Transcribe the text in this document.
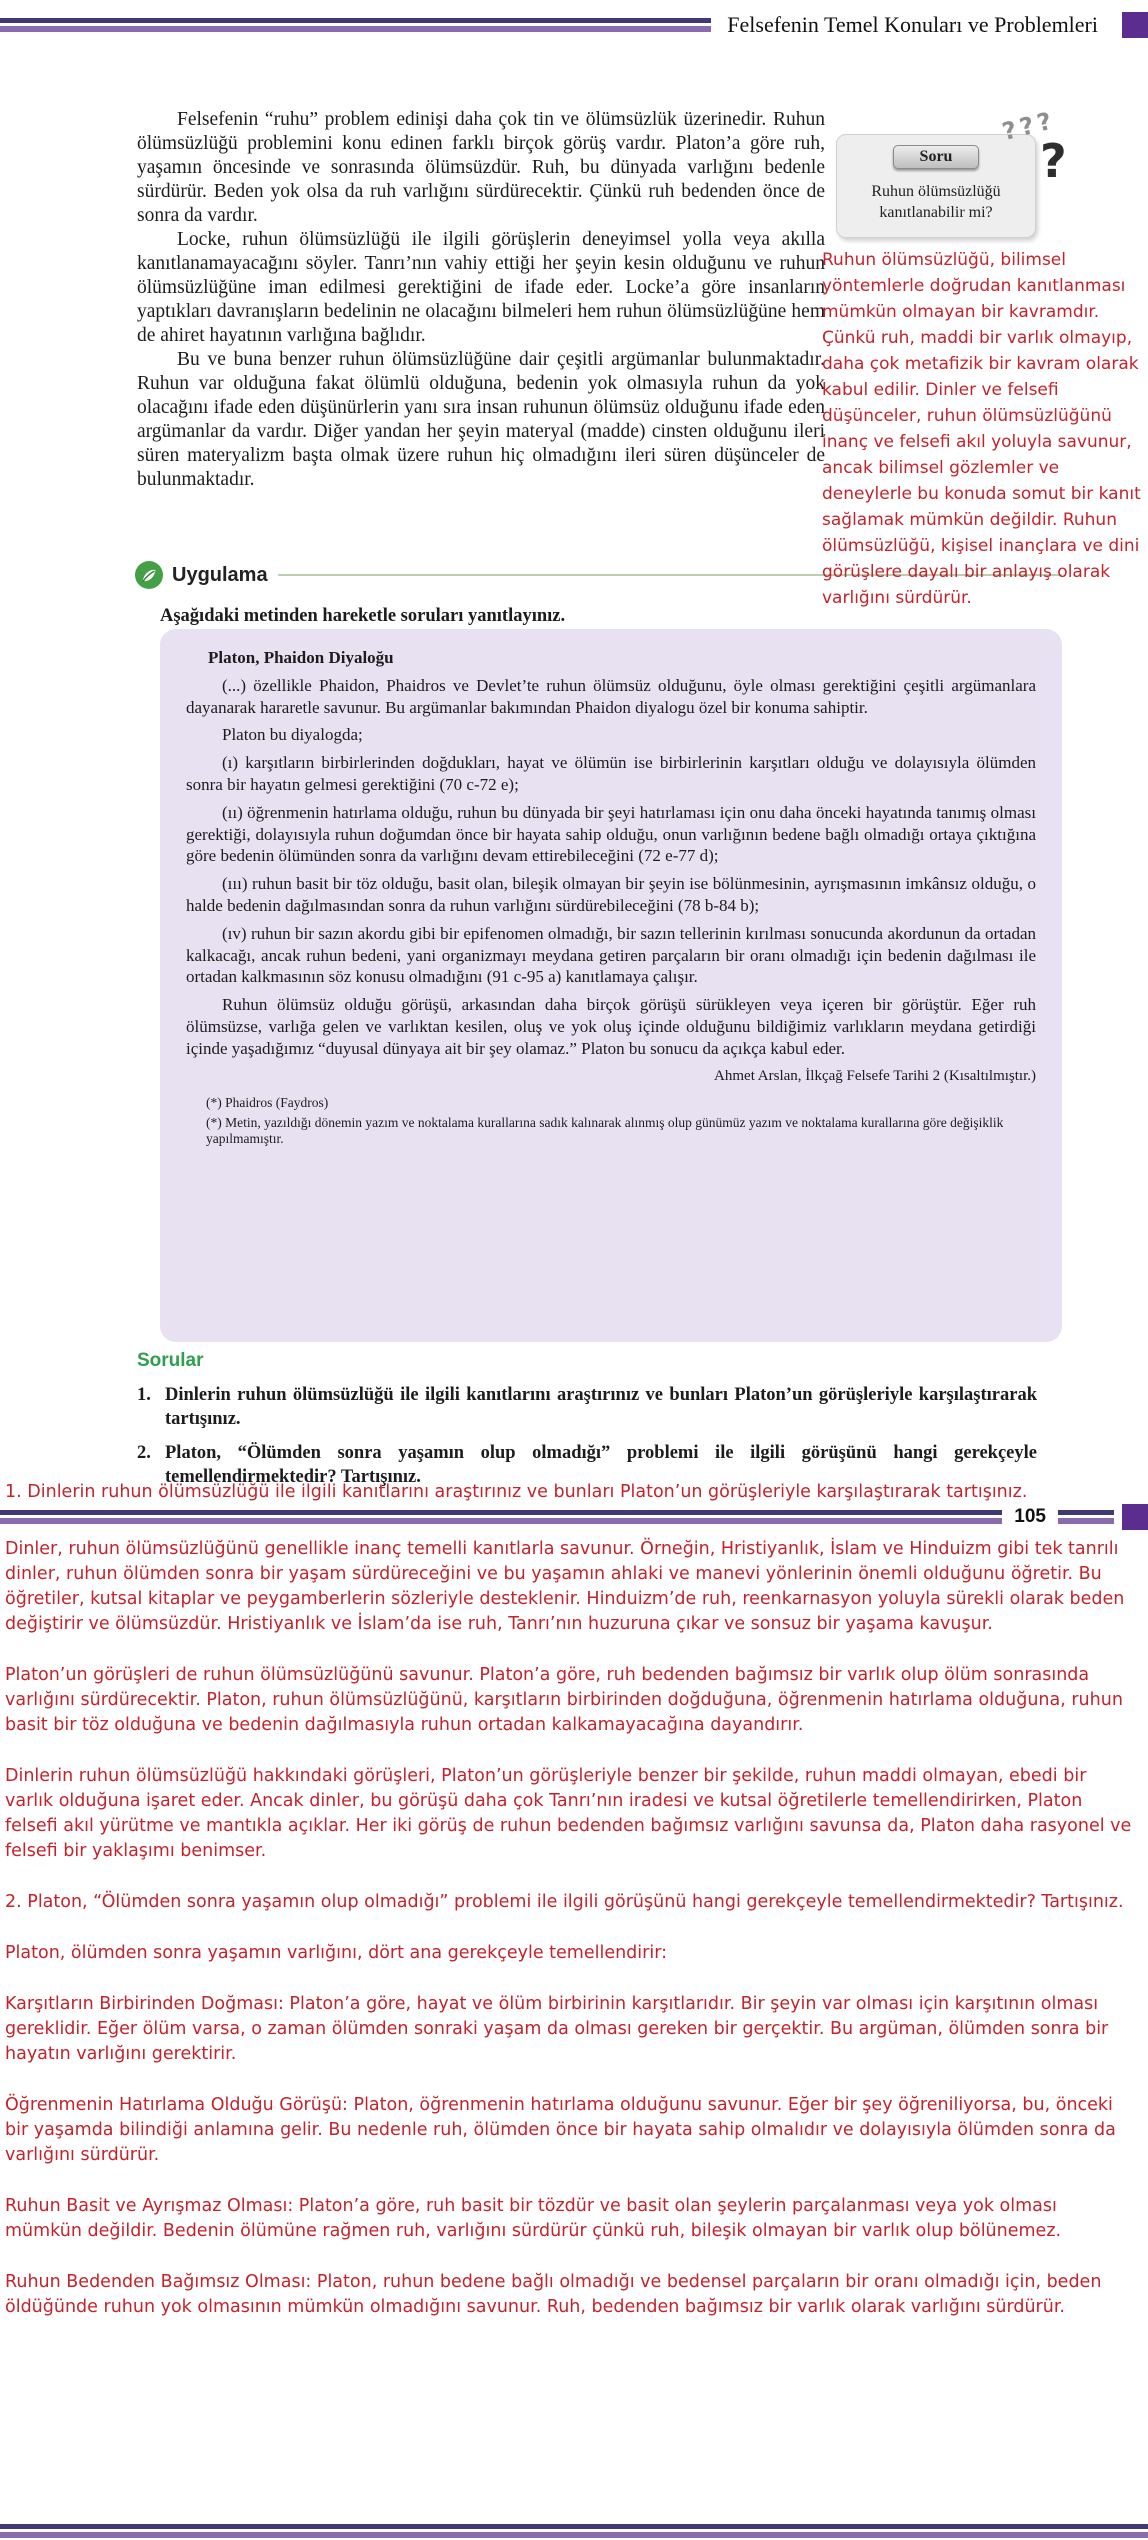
Felsefenin Temel Konuları ve Problemleri

Felsefenin “ruhu” problem edinişi daha çok tin ve ölümsüzlük üzerinedir. Ruhun ölümsüzlüğü problemini konu edinen farklı birçok görüş vardır. Platon’a göre ruh, yaşamın öncesinde ve sonrasında ölümsüzdür. Ruh, bu dünyada varlığını bedenle sürdürür. Beden yok olsa da ruh varlığını sürdürecektir. Çünkü ruh bedenden önce de sonra da vardır.

Locke, ruhun ölümsüzlüğü ile ilgili görüşlerin deneyimsel yolla veya akılla kanıtlanamayacağını söyler. Tanrı’nın vahiy ettiği her şeyin kesin olduğunu ve ruhun ölümsüzlüğüne iman edilmesi gerektiğini de ifade eder. Locke’a göre insanların yaptıkları davranışların bedelinin ne olacağını bilmeleri hem ruhun ölümsüzlüğüne hem de ahiret hayatının varlığına bağlıdır.

Bu ve buna benzer ruhun ölümsüzlüğüne dair çeşitli argümanlar bulunmaktadır. Ruhun var olduğuna fakat ölümlü olduğuna, bedenin yok olmasıyla ruhun da yok olacağını ifade eden düşünürlerin yanı sıra insan ruhunun ölümsüz olduğunu ifade eden argümanlar da vardır. Diğer yandan her şeyin materyal (madde) cinsten olduğunu ileri süren materyalizm başta olmak üzere ruhun hiç olmadığını ileri süren düşünceler de bulunmaktadır.

???
?
Soru
Ruhun ölümsüzlüğü kanıtlanabilir mi?
Ruhun ölümsüzlüğü, bilimsel yöntemlerle doğrudan kanıtlanması mümkün olmayan bir kavramdır. Çünkü ruh, maddi bir varlık olmayıp, daha çok metafizik bir kavram olarak kabul edilir. Dinler ve felsefi düşünceler, ruhun ölümsüzlüğünü inanç ve felsefi akıl yoluyla savunur, ancak bilimsel gözlemler ve deneylerle bu konuda somut bir kanıt sağlamak mümkün değildir. Ruhun ölümsüzlüğü, kişisel inançlara ve dini görüşlere dayalı bir anlayış olarak varlığını sürdürür.
Uygulama
Aşağıdaki metinden hareketle soruları yanıtlayınız.
Platon, Phaidon Diyaloğu

(...) özellikle Phaidon, Phaidros ve Devlet’te ruhun ölümsüz olduğunu, öyle olması gerektiğini çeşitli argümanlara dayanarak hararetle savunur. Bu argümanlar bakımından Phaidon diyalogu özel bir konuma sahiptir.

Platon bu diyalogda;

(ı) karşıtların birbirlerinden doğdukları, hayat ve ölümün ise birbirlerinin karşıtları olduğu ve dolayısıyla ölümden sonra bir hayatın gelmesi gerektiğini (70 c-72 e);

(ıı) öğrenmenin hatırlama olduğu, ruhun bu dünyada bir şeyi hatırlaması için onu daha önceki hayatında tanımış olması gerektiği, dolayısıyla ruhun doğumdan önce bir hayata sahip olduğu, onun varlığının bedene bağlı olmadığı ortaya çıktığına göre bedenin ölümünden sonra da varlığını devam ettirebileceğini (72 e-77 d);

(ııı) ruhun basit bir töz olduğu, basit olan, bileşik olmayan bir şeyin ise bölünmesinin, ayrışmasının imkânsız olduğu, o halde bedenin dağılmasından sonra da ruhun varlığını sürdürebileceğini (78 b-84 b);

(ıv) ruhun bir sazın akordu gibi bir epifenomen olmadığı, bir sazın tellerinin kırılması sonucunda akordunun da ortadan kalkacağı, ancak ruhun bedeni, yani organizmayı meydana getiren parçaların bir oranı olmadığı için bedenin dağılması ile ortadan kalkmasının söz konusu olmadığını (91 c-95 a) kanıtlamaya çalışır.

Ruhun ölümsüz olduğu görüşü, arkasından daha birçok görüşü sürükleyen veya içeren bir görüştür. Eğer ruh ölümsüzse, varlığa gelen ve varlıktan kesilen, oluş ve yok oluş içinde olduğunu bildiğimiz varlıkların meydana getirdiği içinde yaşadığımız “duyusal dünyaya ait bir şey olamaz.” Platon bu sonucu da açıkça kabul eder.

Ahmet Arslan, İlkçağ Felsefe Tarihi 2 (Kısaltılmıştır.)

(*) Phaidros (Faydros)

(*) Metin, yazıldığı dönemin yazım ve noktalama kurallarına sadık kalınarak alınmış olup günümüz yazım ve noktalama kurallarına göre değişiklik yapılmamıştır.

Sorular
1. Dinlerin ruhun ölümsüzlüğü ile ilgili kanıtlarını araştırınız ve bunları Platon’un görüşleriyle karşılaştırarak tartışınız.
2. Platon, “Ölümden sonra yaşamın olup olmadığı” problemi ile ilgili görüşünü hangi gerekçeyle temellendirmektedir? Tartışınız.
1. Dinlerin ruhun ölümsüzlüğü ile ilgili kanıtlarını araştırınız ve bunları Platon’un görüşleriyle karşılaştırarak tartışınız.
105

Dinler, ruhun ölümsüzlüğünü genellikle inanç temelli kanıtlarla savunur. Örneğin, Hristiyanlık, İslam ve Hinduizm gibi tek tanrılı dinler, ruhun ölümden sonra bir yaşam sürdüreceğini ve bu yaşamın ahlaki ve manevi yönlerinin önemli olduğunu öğretir. Bu öğretiler, kutsal kitaplar ve peygamberlerin sözleriyle desteklenir. Hinduizm’de ruh, reenkarnasyon yoluyla sürekli olarak beden değiştirir ve ölümsüzdür. Hristiyanlık ve İslam’da ise ruh, Tanrı’nın huzuruna çıkar ve sonsuz bir yaşama kavuşur.

Platon’un görüşleri de ruhun ölümsüzlüğünü savunur. Platon’a göre, ruh bedenden bağımsız bir varlık olup ölüm sonrasında varlığını sürdürecektir. Platon, ruhun ölümsüzlüğünü, karşıtların birbirinden doğduğuna, öğrenmenin hatırlama olduğuna, ruhun basit bir töz olduğuna ve bedenin dağılmasıyla ruhun ortadan kalkamayacağına dayandırır.

Dinlerin ruhun ölümsüzlüğü hakkındaki görüşleri, Platon’un görüşleriyle benzer bir şekilde, ruhun maddi olmayan, ebedi bir varlık olduğuna işaret eder. Ancak dinler, bu görüşü daha çok Tanrı’nın iradesi ve kutsal öğretilerle temellendirirken, Platon felsefi akıl yürütme ve mantıkla açıklar. Her iki görüş de ruhun bedenden bağımsız varlığını savunsa da, Platon daha rasyonel ve felsefi bir yaklaşımı benimser.

2. Platon, “Ölümden sonra yaşamın olup olmadığı” problemi ile ilgili görüşünü hangi gerekçeyle temellendirmektedir? Tartışınız.

Platon, ölümden sonra yaşamın varlığını, dört ana gerekçeyle temellendirir:

Karşıtların Birbirinden Doğması: Platon’a göre, hayat ve ölüm birbirinin karşıtlarıdır. Bir şeyin var olması için karşıtının olması gereklidir. Eğer ölüm varsa, o zaman ölümden sonraki yaşam da olması gereken bir gerçektir. Bu argüman, ölümden sonra bir hayatın varlığını gerektirir.

Öğrenmenin Hatırlama Olduğu Görüşü: Platon, öğrenmenin hatırlama olduğunu savunur. Eğer bir şey öğreniliyorsa, bu, önceki bir yaşamda bilindiği anlamına gelir. Bu nedenle ruh, ölümden önce bir hayata sahip olmalıdır ve dolayısıyla ölümden sonra da varlığını sürdürür.

Ruhun Basit ve Ayrışmaz Olması: Platon’a göre, ruh basit bir tözdür ve basit olan şeylerin parçalanması veya yok olması mümkün değildir. Bedenin ölümüne rağmen ruh, varlığını sürdürür çünkü ruh, bileşik olmayan bir varlık olup bölünemez.

Ruhun Bedenden Bağımsız Olması: Platon, ruhun bedene bağlı olmadığı ve bedensel parçaların bir oranı olmadığı için, beden öldüğünde ruhun yok olmasının mümkün olmadığını savunur. Ruh, bedenden bağımsız bir varlık olarak varlığını sürdürür.
